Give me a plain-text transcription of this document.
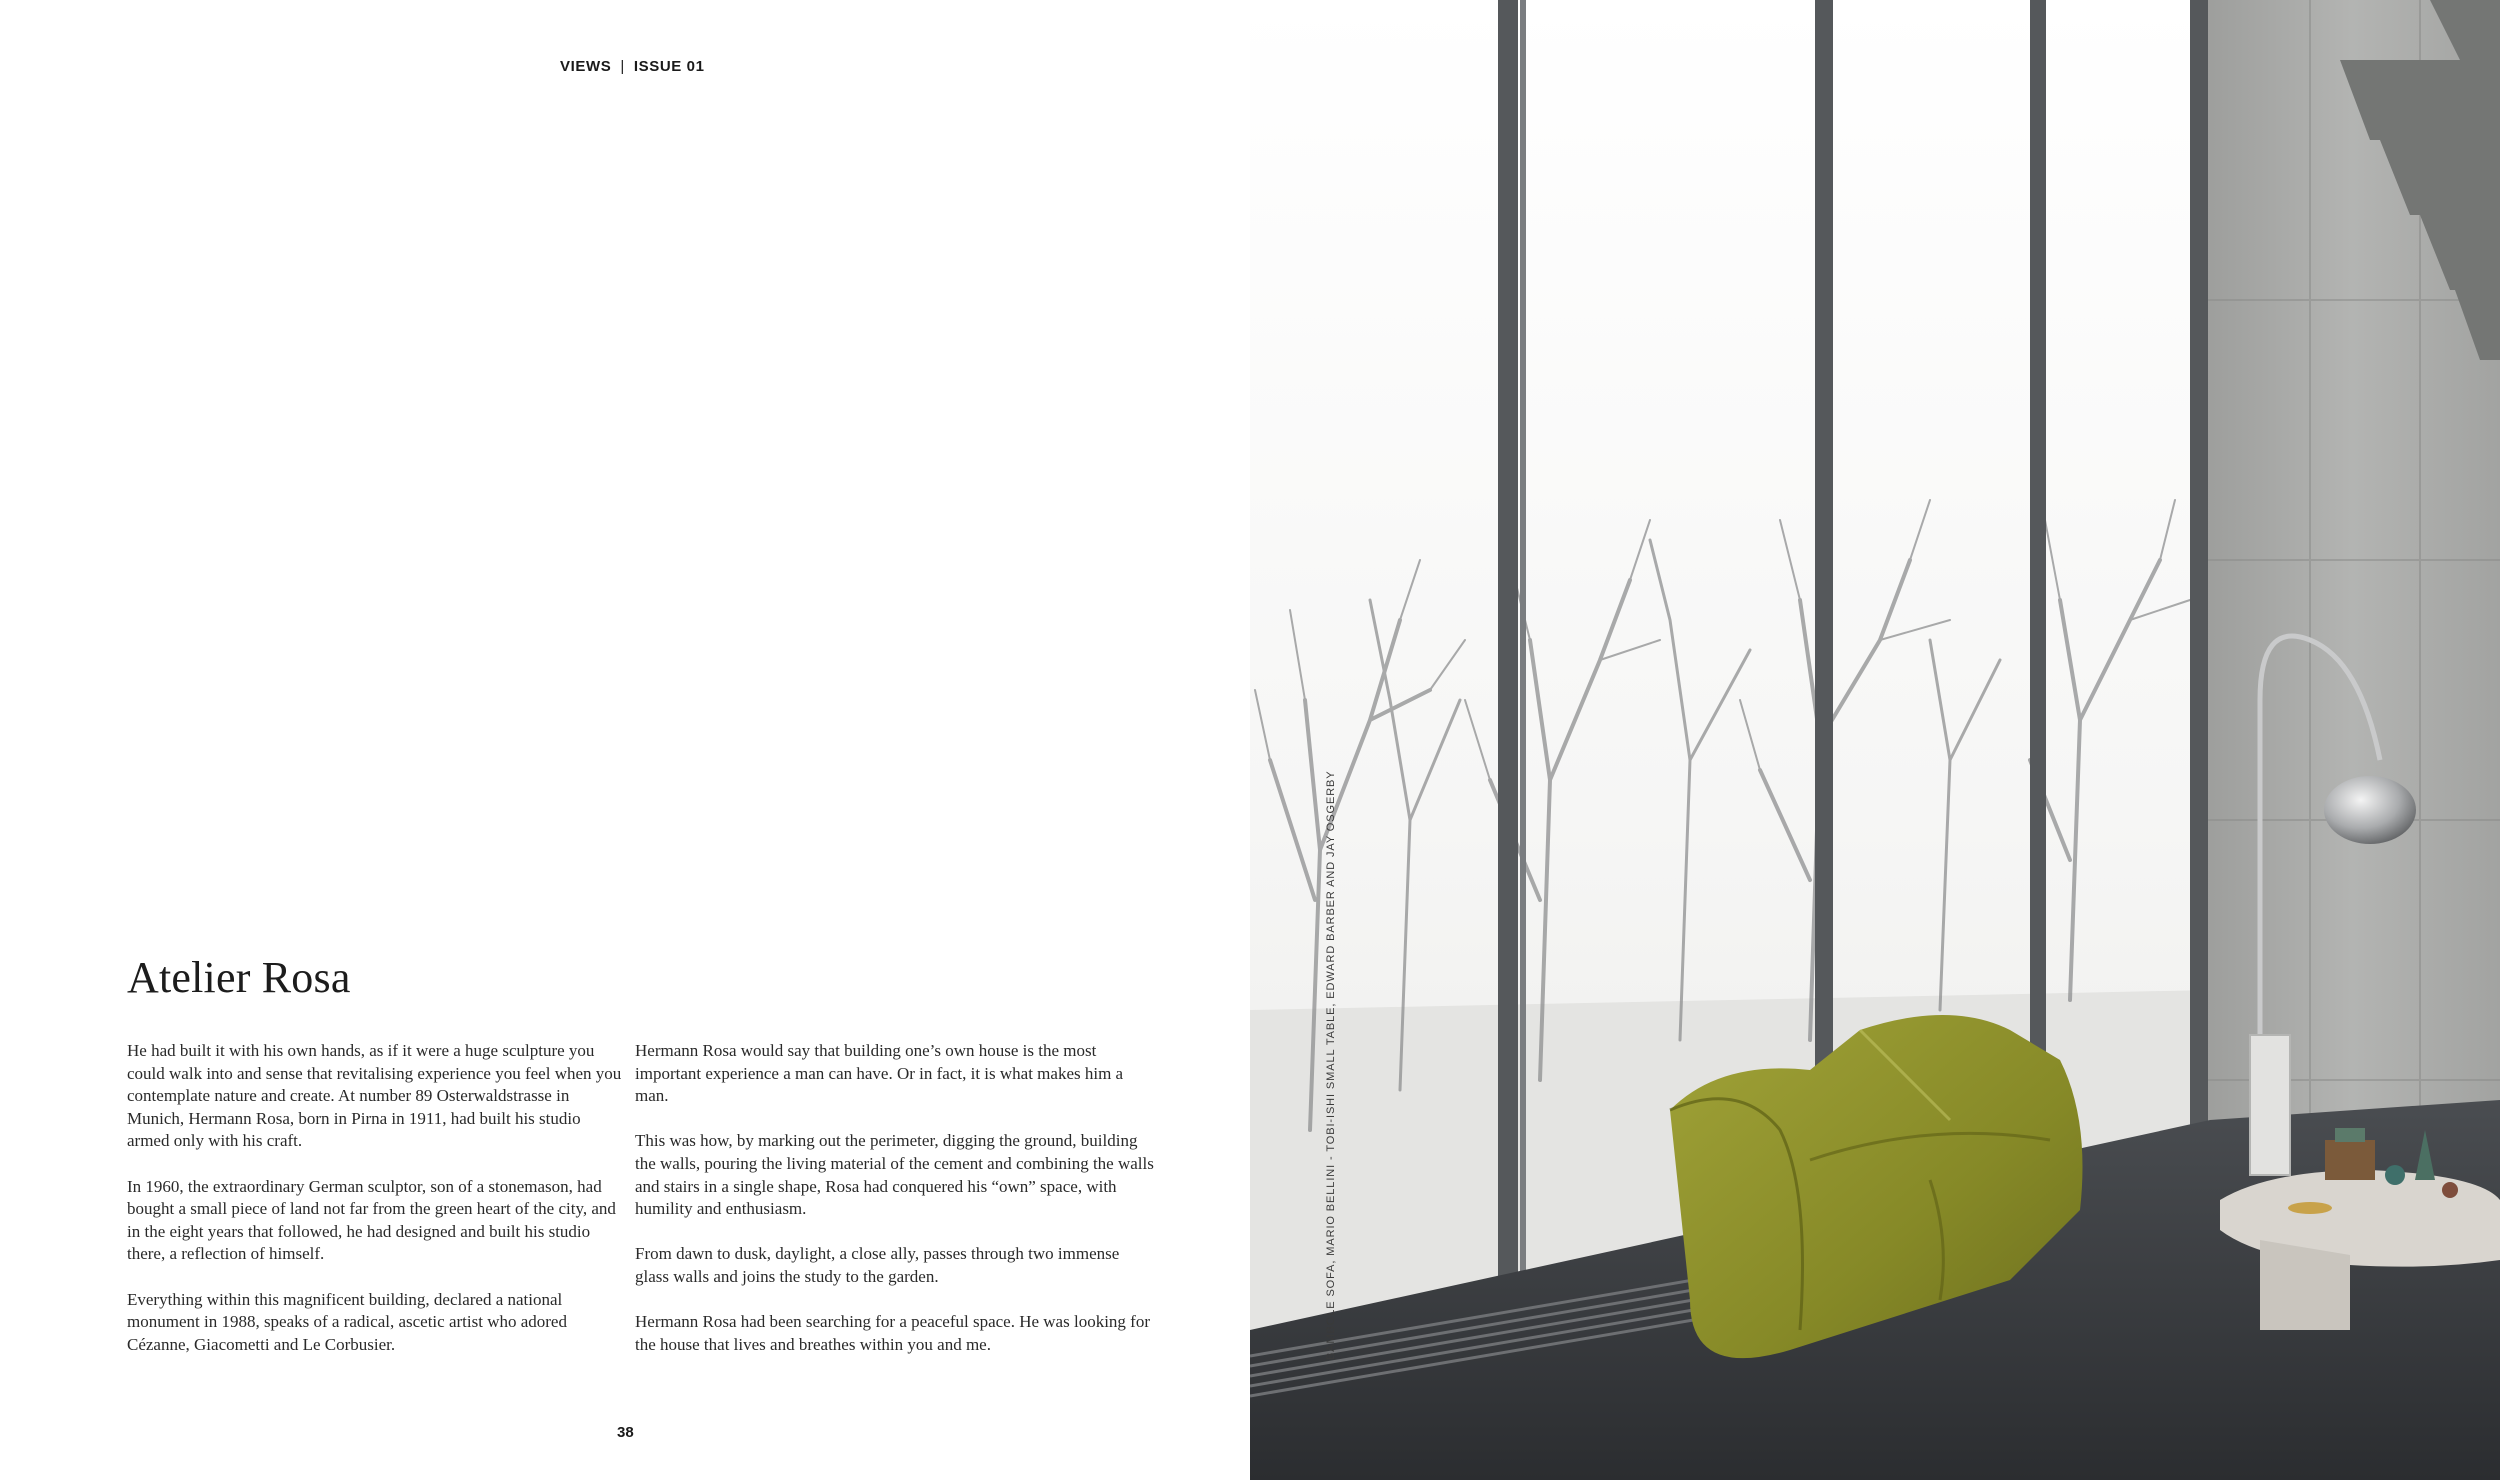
VIEWS | ISSUE 01
Atelier Rosa

He had built it with his own hands, as if it were a huge sculpture you could walk into and sense that revitalising experience you feel when you contemplate nature and create. At number 89 Osterwaldstrasse in Munich, Hermann Rosa, born in Pirna in 1911, had built his studio armed only with his craft.

In 1960, the extraordinary German sculptor, son of a stonemason, had bought a small piece of land not far from the green heart of the city, and in the eight years that followed, he had designed and built his studio there, a reflection of himself.

Everything within this magnificent building, declared a national monument in 1988, speaks of a radical, ascetic artist who adored Cézanne, Giacometti and Le Corbusier.

Hermann Rosa would say that building one’s own house is the most important experience a man can have. Or in fact, it is what makes him a man.

This was how, by marking out the perimeter, digging the ground, building the walls, pouring the living material of the cement and combining the walls and stairs in a single shape, Rosa had conquered his “own” space, with humility and enthusiasm.

From dawn to dusk, daylight, a close ally, passes through two immense glass walls and joins the study to the garden.

Hermann Rosa had been searching for a peaceful space. He was looking for the house that lives and breathes within you and me.

38
BAMBOLE SOFA, MARIO BELLINI - TOBI-ISHI SMALL TABLE, EDWARD BARBER AND JAY OSGERBY
